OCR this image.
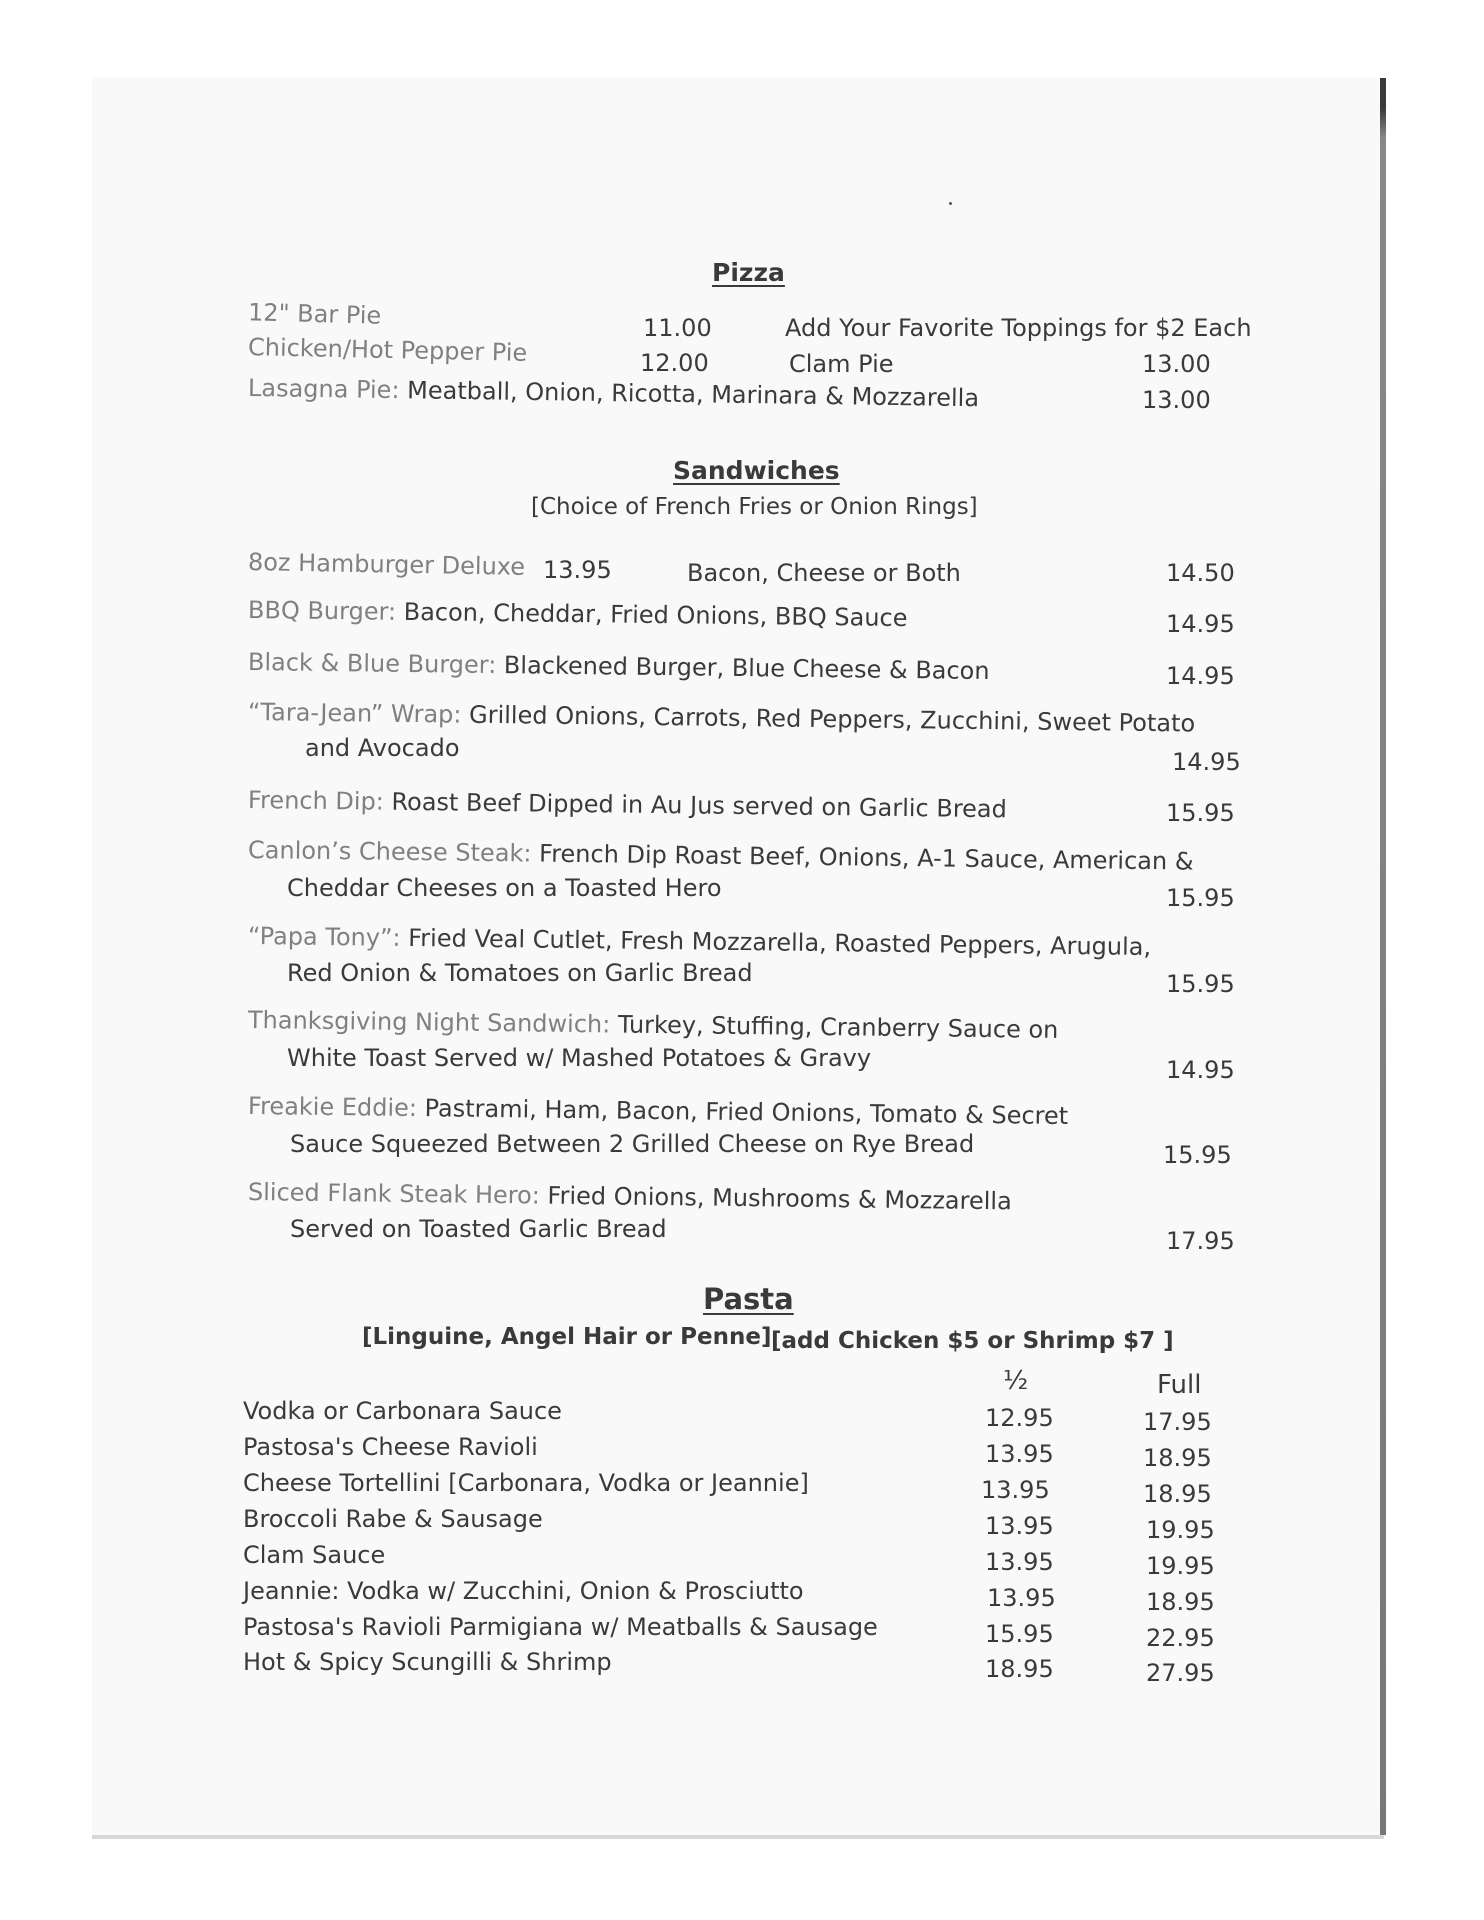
Pizza
12" Bar Pie	11.00	Add Your Favorite Toppings for $2 Each
Chicken/Hot Pepper Pie	12.00	Clam Pie	13.00
Lasagna Pie: Meatball, Onion, Ricotta, Marinara & Mozzarella	13.00
Sandwiches
[Choice of French Fries or Onion Rings]
8oz Hamburger Deluxe 13.95	Bacon, Cheese or Both	14.50
BBQ Burger: Bacon, Cheddar, Fried Onions, BBQ Sauce	14.95
Black & Blue Burger: Blackened Burger, Blue Cheese & Bacon	14.95
“Tara-Jean” Wrap: Grilled Onions, Carrots, Red Peppers, Zucchini, Sweet Potato
and Avocado	14.95
French Dip: Roast Beef Dipped in Au Jus served on Garlic Bread	15.95
Canlon’s Cheese Steak: French Dip Roast Beef, Onions, A-1 Sauce, American &
Cheddar Cheeses on a Toasted Hero	15.95
“Papa Tony”: Fried Veal Cutlet, Fresh Mozzarella, Roasted Peppers, Arugula,
Red Onion & Tomatoes on Garlic Bread	15.95
Thanksgiving Night Sandwich: Turkey, Stuffing, Cranberry Sauce on
White Toast Served w/ Mashed Potatoes & Gravy	14.95
Freakie Eddie: Pastrami, Ham, Bacon, Fried Onions, Tomato & Secret
Sauce Squeezed Between 2 Grilled Cheese on Rye Bread	15.95
Sliced Flank Steak Hero: Fried Onions, Mushrooms & Mozzarella
Served on Toasted Garlic Bread	17.95
Pasta
[Linguine, Angel Hair or Penne] [add Chicken $5 or Shrimp $7 ]
½	Full
Vodka or Carbonara Sauce	12.95	17.95
Pastosa's Cheese Ravioli	13.95	18.95
Cheese Tortellini [Carbonara, Vodka or Jeannie]	13.95	18.95
Broccoli Rabe & Sausage	13.95	19.95
Clam Sauce	13.95	19.95
Jeannie: Vodka w/ Zucchini, Onion & Prosciutto	13.95	18.95
Pastosa's Ravioli Parmigiana w/ Meatballs & Sausage	15.95	22.95
Hot & Spicy Scungilli & Shrimp	18.95	27.95
